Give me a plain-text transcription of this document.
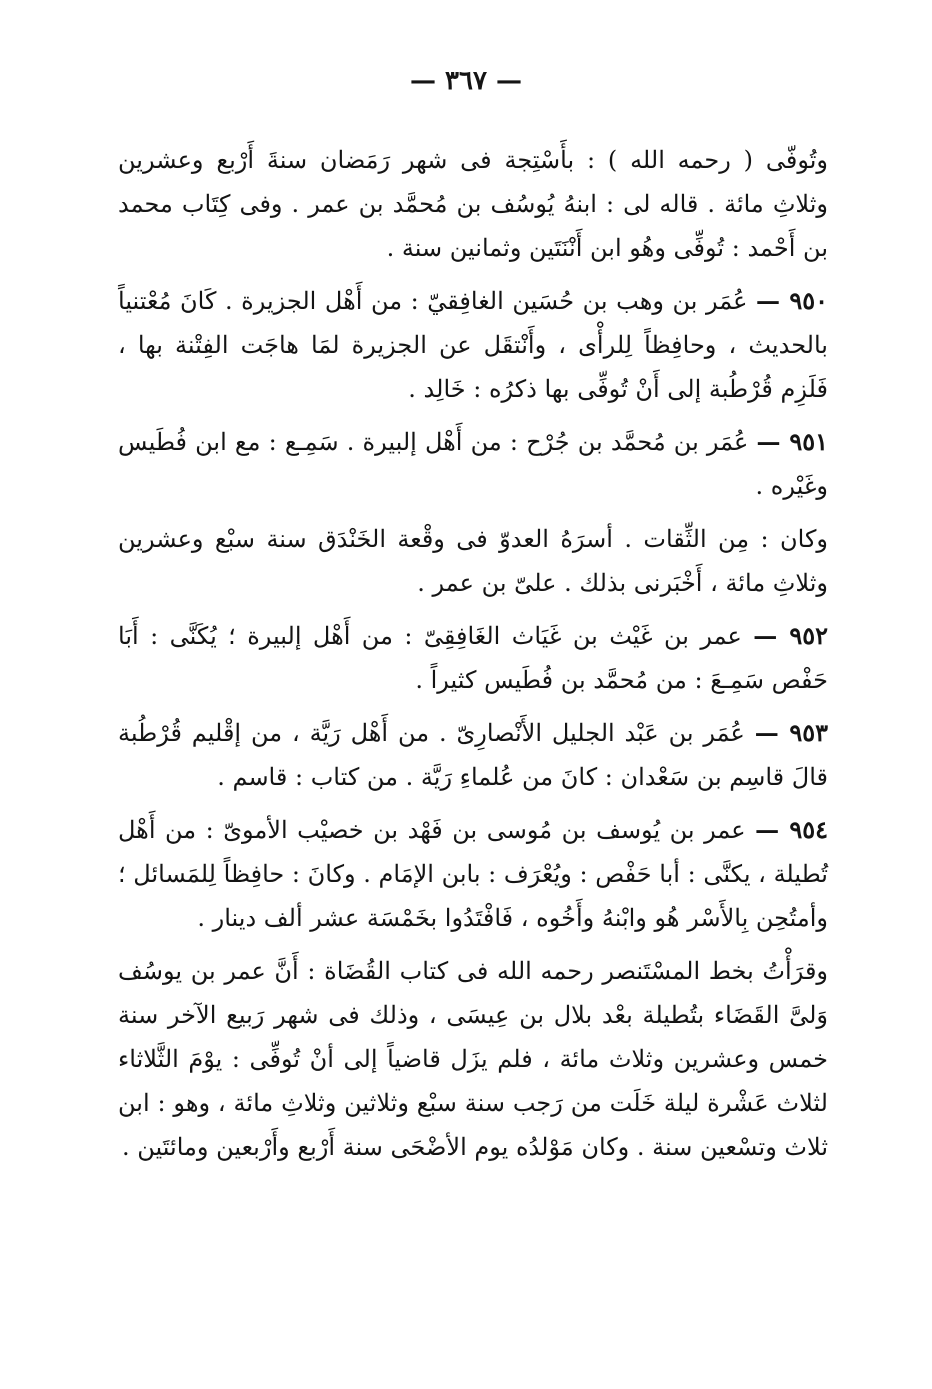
— ٣٦٧ —

وتُوفّى ( رحمه الله ) : بأَسْتِجة فى شهر رَمَضان سنةَ أَرْبع وعشرين وثلاثِ مائة . قاله لى : ابنهُ يُوسُف بن مُحمَّد بن عمر . وفى كِتَاب محمد بن أَحْمد : تُوفِّى وهُو ابن أَنْنَتَين وثمانين سنة .

٩٥٠ — عُمَر بن وهب بن حُسَين الغافِقيّ : من أَهْل الجزيرة . كَانَ مُعْتنياً بالحديث ، وحافِظاً لِلرأْى ، وأَنْتقَل عن الجزيرة لمَا هاجَت الفِتْنة بها ، فَلَزِم قُرْطُبة إلى أَنْ تُوفِّى بها ذكرُه : خَالِد .

٩٥١ — عُمَر بن مُحمَّد بن جُرْح : من أَهْل إلبيرة . سَمِـع : مع ابن فُطَيس وغَيْره .

وكان : مِن الثِّقات . أسرَهُ العدوّ فى وقْعة الخَنْدَق سنة سبْع وعشرين وثلاثِ مائة ، أَخْبَرنى بذلك . علىّ بن عمر .

٩٥٢ — عمر بن غَيْث بن غَيَاث الغَافِقِىّ : من أَهْل إلبيرة ؛ يُكَنَّى : أَبَا حَفْص سَمِـعَ : من مُحمَّد بن فُطَيس كثيراً .

٩٥٣ — عُمَر بن عَبْد الجليل الأَنْصارِىّ . من أَهْل رَيَّة ، من إقْليم قُرْطُبة قالَ قاسِم بن سَعْدان : كانَ من عُلماءِ رَيَّة . من كتاب : قاسم .

٩٥٤ — عمر بن يُوسف بن مُوسى بن فَهْد بن خصيْب الأموىّ : من أَهْل تُطيلة ، يكنَّى : أبا حَفْص : ويُعْرَف : بابن الإمَام . وكانَ : حافِظاً لِلمَسائل ؛ وأمتُحِن بِالأَسْر هُو وابْنهُ وأَخُوه ، فَافْتَدُوا بخَمْسَة عشر ألف دينار .

وقرَأْتُ بخط المسْتَنصر رحمه الله فى كتاب القُضَاة : أَنَّ عمر بن يوسُف وَلىَّ القَضَاء بتُطيلة بعْد بلال بن عِيسَى ، وذلك فى شهر رَبيع الآخر سنة خمس وعشرين وثلاث مائة ، فلم يزَل قاضياً إلى أنْ تُوفِّى : يوْمَ الثَّلاثاء لثلاث عَشْرة ليلة خَلَت من رَجب سنة سبْع وثلاثين وثلاثِ مائة ، وهو : ابن ثلاث وتسْعين سنة . وكان مَوْلدُه يوم الأضْحَى سنة أَرْبع وأَرْبعين ومائتَين .
